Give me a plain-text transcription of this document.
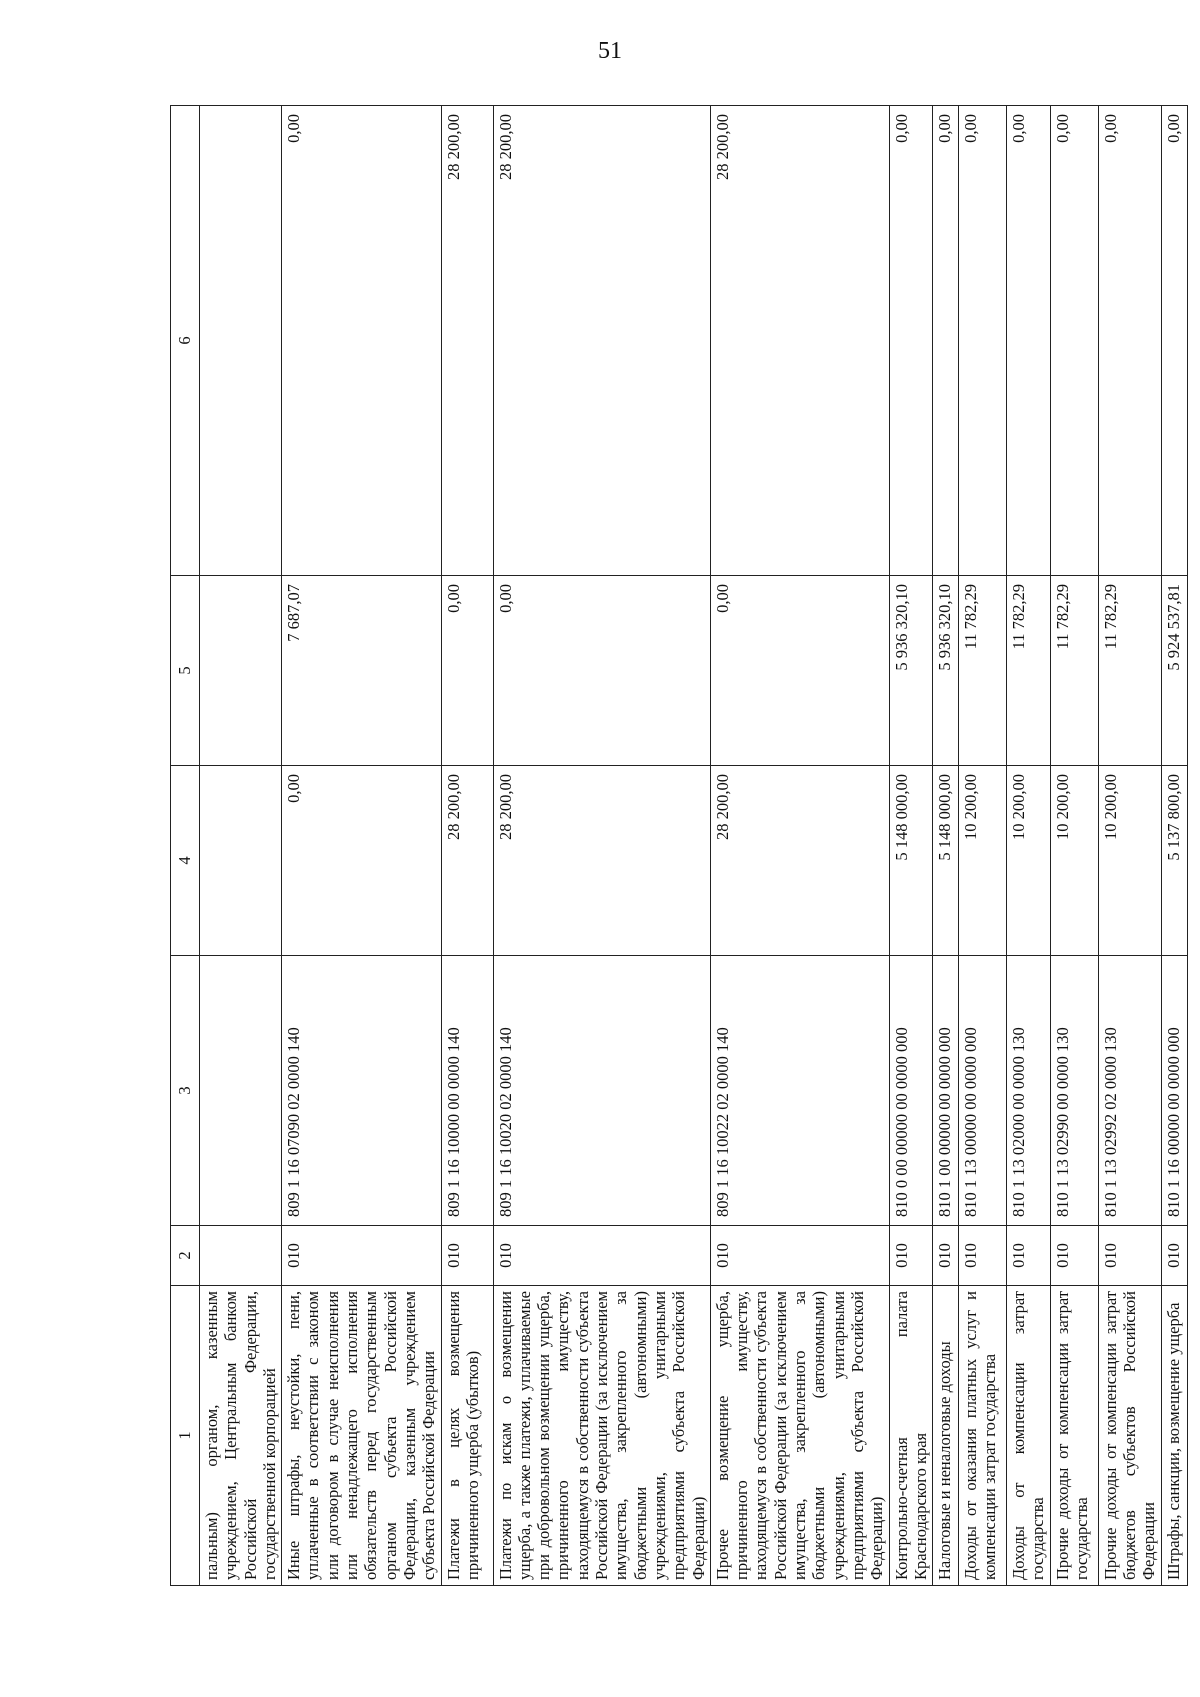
51
1	2	3	4	5	6
пальным) органом, казенным учреждением, Центральным банком Российской Федерации, государственной корпорацией					
Иные штрафы, неустойки, пени, уплаченные в соответствии с законом или договором в случае неисполнения или ненадлежащего исполнения обязательств перед государственным органом субъекта Российской Федерации, казенным учреждением субъекта Российской Федерации	010	809 1 16 07090 02 0000 140	0,00	7 687,07	0,00
Платежи в целях возмещения причиненного ущерба (убытков)	010	809 1 16 10000 00 0000 140	28 200,00	0,00	28 200,00
Платежи по искам о возмещении ущерба, а также платежи, уплачиваемые при добровольном возмещении ущерба, причиненного имуществу, находящемуся в собственности субъекта Российской Федерации (за исключением имущества, закрепленного за бюджетными (автономными) учреждениями, унитарными предприятиями субъекта Российской Федерации)	010	809 1 16 10020 02 0000 140	28 200,00	0,00	28 200,00
Прочее возмещение ущерба, причиненного имуществу, находящемуся в собственности субъекта Российской Федерации (за исключением имущества, закрепленного за бюджетными (автономными) учреждениями, унитарными предприятиями субъекта Российской Федерации)	010	809 1 16 10022 02 0000 140	28 200,00	0,00	28 200,00
Контрольно-счетная палата Краснодарского края	010	810 0 00 00000 00 0000 000	5 148 000,00	5 936 320,10	0,00
Налоговые и неналоговые доходы	010	810 1 00 00000 00 0000 000	5 148 000,00	5 936 320,10	0,00
Доходы от оказания платных услуг и компенсации затрат государства	010	810 1 13 00000 00 0000 000	10 200,00	11 782,29	0,00
Доходы от компенсации затрат государства	010	810 1 13 02000 00 0000 130	10 200,00	11 782,29	0,00
Прочие доходы от компенсации затрат государства	010	810 1 13 02990 00 0000 130	10 200,00	11 782,29	0,00
Прочие доходы от компенсации затрат бюджетов субъектов Российской Федерации	010	810 1 13 02992 02 0000 130	10 200,00	11 782,29	0,00
Штрафы, санкции, возмещение ущерба	010	810 1 16 00000 00 0000 000	5 137 800,00	5 924 537,81	0,00
